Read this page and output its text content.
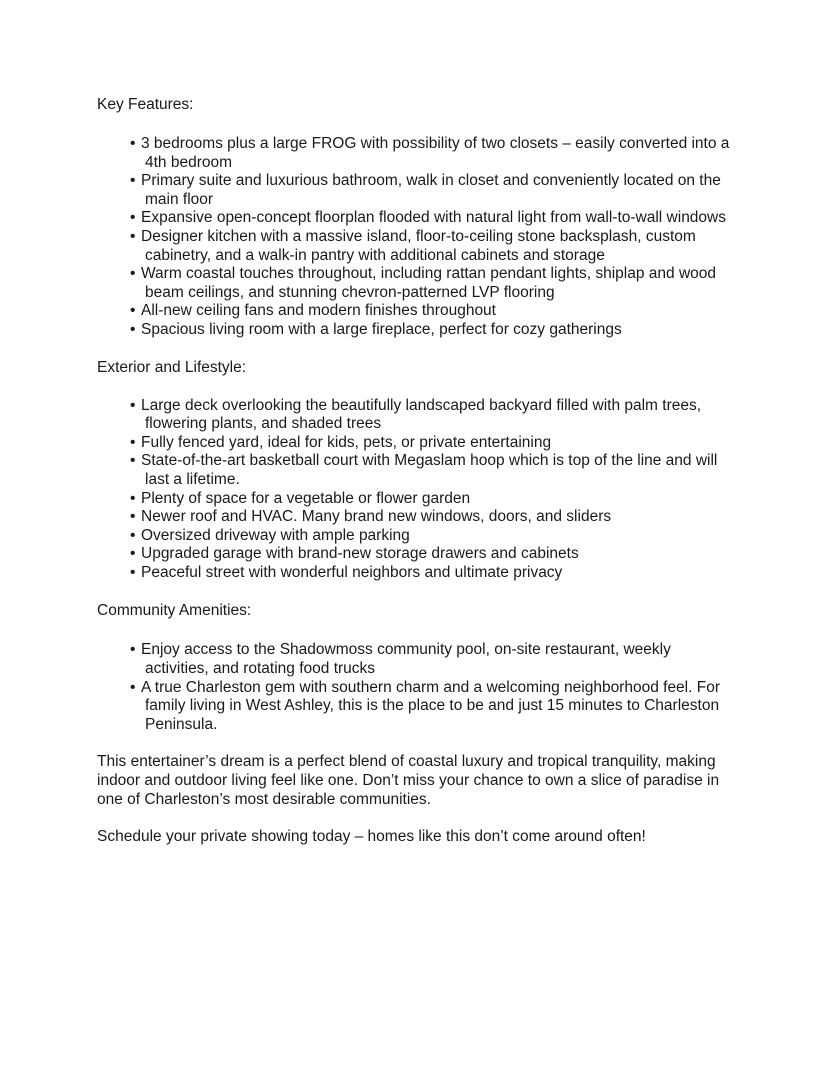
Key Features:

• 3 bedrooms plus a large FROG with possibility of two closets – easily converted into a 4th bedroom
• Primary suite and luxurious bathroom, walk in closet and conveniently located on the main floor
• Expansive open-concept floorplan flooded with natural light from wall-to-wall windows
• Designer kitchen with a massive island, floor-to-ceiling stone backsplash, custom cabinetry, and a walk-in pantry with additional cabinets and storage
• Warm coastal touches throughout, including rattan pendant lights, shiplap and wood beam ceilings, and stunning chevron-patterned LVP flooring
• All-new ceiling fans and modern finishes throughout
• Spacious living room with a large fireplace, perfect for cozy gatherings

Exterior and Lifestyle:

• Large deck overlooking the beautifully landscaped backyard filled with palm trees, flowering plants, and shaded trees
• Fully fenced yard, ideal for kids, pets, or private entertaining
• State-of-the-art basketball court with Megaslam hoop which is top of the line and will last a lifetime.
• Plenty of space for a vegetable or flower garden
• Newer roof and HVAC. Many brand new windows, doors, and sliders
• Oversized driveway with ample parking
• Upgraded garage with brand-new storage drawers and cabinets
• Peaceful street with wonderful neighbors and ultimate privacy

Community Amenities:

• Enjoy access to the Shadowmoss community pool, on-site restaurant, weekly activities, and rotating food trucks
• A true Charleston gem with southern charm and a welcoming neighborhood feel. For family living in West Ashley, this is the place to be and just 15 minutes to Charleston Peninsula.

This entertainer’s dream is a perfect blend of coastal luxury and tropical tranquility, making indoor and outdoor living feel like one. Don’t miss your chance to own a slice of paradise in one of Charleston’s most desirable communities.

Schedule your private showing today – homes like this don’t come around often!
